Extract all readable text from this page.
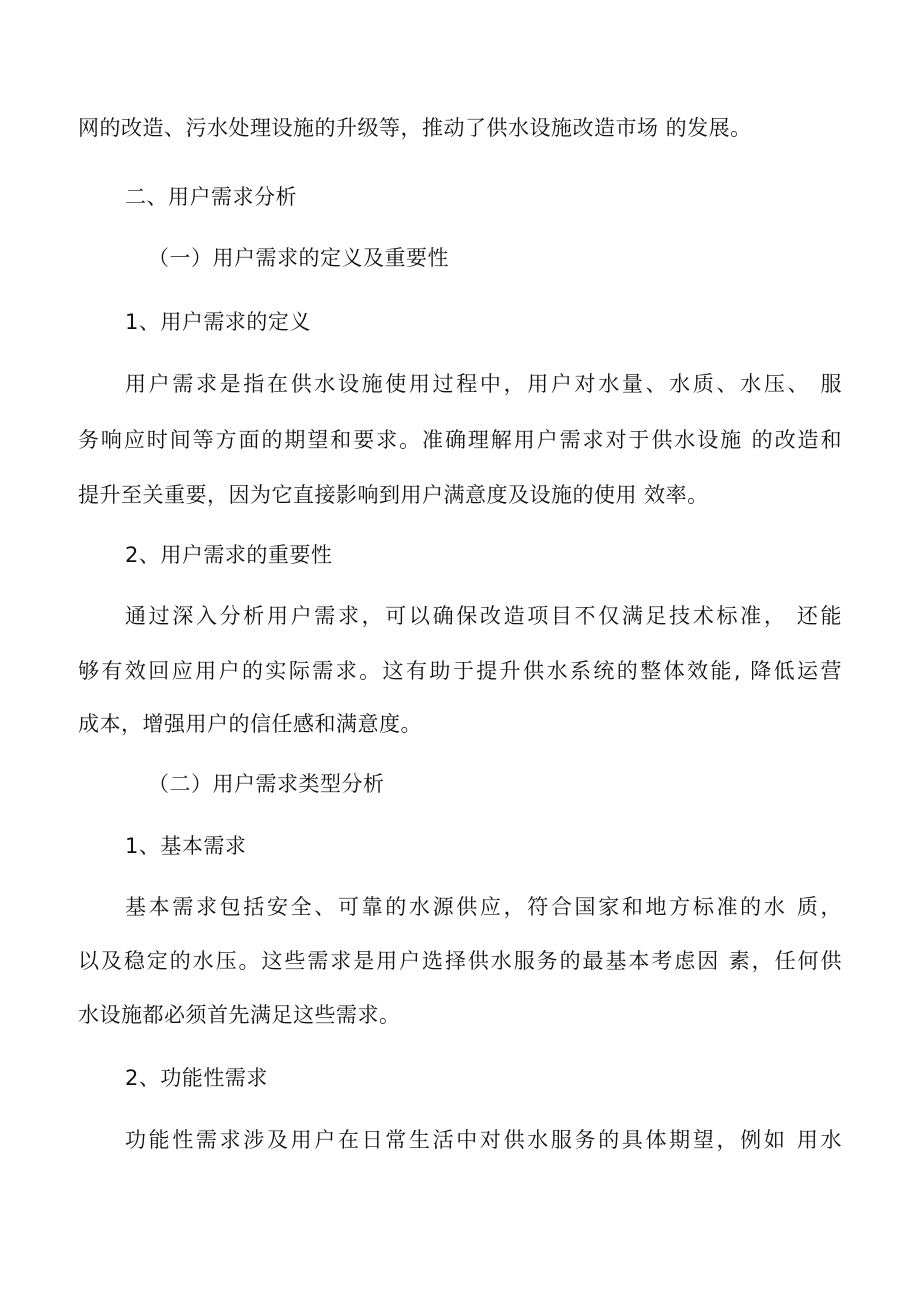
网的改造、污水处理设施的升级等，推动了供水设施改造市场 的发展。
二、用户需求分析
（一）用户需求的定义及重要性
1、用户需求的定义
用户需求是指在供水设施使用过程中，用户对水量、水质、水压、 服
务响应时间等方面的期望和要求。准确理解用户需求对于供水设施 的改造和
提升至关重要，因为它直接影响到用户满意度及设施的使用 效率。
2、用户需求的重要性
通过深入分析用户需求，可以确保改造项目不仅满足技术标准， 还能
够有效回应用户的实际需求。这有助于提升供水系统的整体效能, 降低运营
成本，增强用户的信任感和满意度。
（二）用户需求类型分析
1、基本需求
基本需求包括安全、可靠的水源供应，符合国家和地方标准的水 质，
以及稳定的水压。这些需求是用户选择供水服务的最基本考虑因 素，任何供
水设施都必须首先满足这些需求。
2、功能性需求
功能性需求涉及用户在日常生活中对供水服务的具体期望，例如 用水
